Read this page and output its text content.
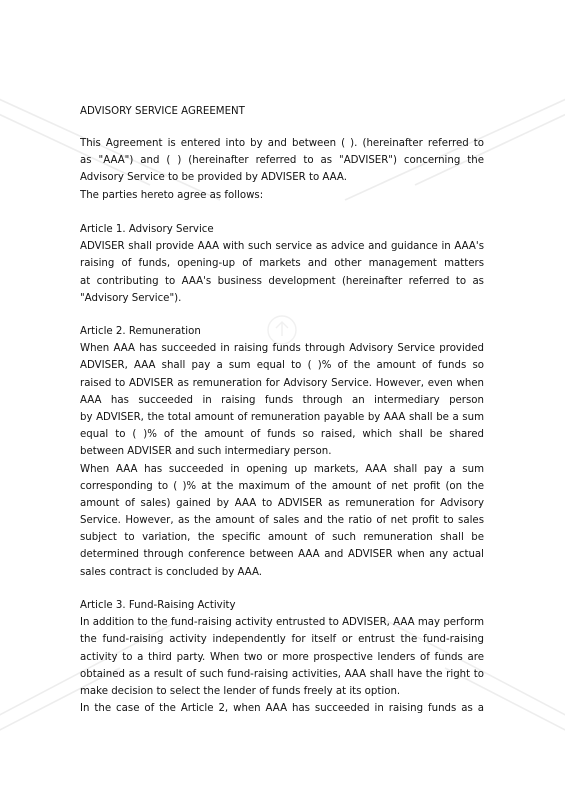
ADVISORY SERVICE AGREEMENT
This Agreement is entered into by and between ( ). (hereinafter referred to
as "AAA") and ( ) (hereinafter referred to as "ADVISER") concerning the
Advisory Service to be provided by ADVISER to AAA.
The parties hereto agree as follows:
Article 1. Advisory Service
ADVISER shall provide AAA with such service as advice and guidance in AAA's
raising of funds, opening-up of markets and other management matters
at contributing to AAA's business development (hereinafter referred to as
"Advisory Service").
Article 2. Remuneration
When AAA has succeeded in raising funds through Advisory Service provided
ADVISER, AAA shall pay a sum equal to ( )% of the amount of funds so
raised to ADVISER as remuneration for Advisory Service. However, even when
AAA has succeeded in raising funds through an intermediary person
by ADVISER, the total amount of remuneration payable by AAA shall be a sum
equal to ( )% of the amount of funds so raised, which shall be shared
between ADVISER and such intermediary person.
When AAA has succeeded in opening up markets, AAA shall pay a sum
corresponding to ( )% at the maximum of the amount of net profit (on the
amount of sales) gained by AAA to ADVISER as remuneration for Advisory
Service. However, as the amount of sales and the ratio of net profit to sales
subject to variation, the specific amount of such remuneration shall be
determined through conference between AAA and ADVISER when any actual
sales contract is concluded by AAA.
Article 3. Fund-Raising Activity
In addition to the fund-raising activity entrusted to ADVISER, AAA may perform
the fund-raising activity independently for itself or entrust the fund-raising
activity to a third party. When two or more prospective lenders of funds are
obtained as a result of such fund-raising activities, AAA shall have the right to
make decision to select the lender of funds freely at its option.
In the case of the Article 2, when AAA has succeeded in raising funds as a
